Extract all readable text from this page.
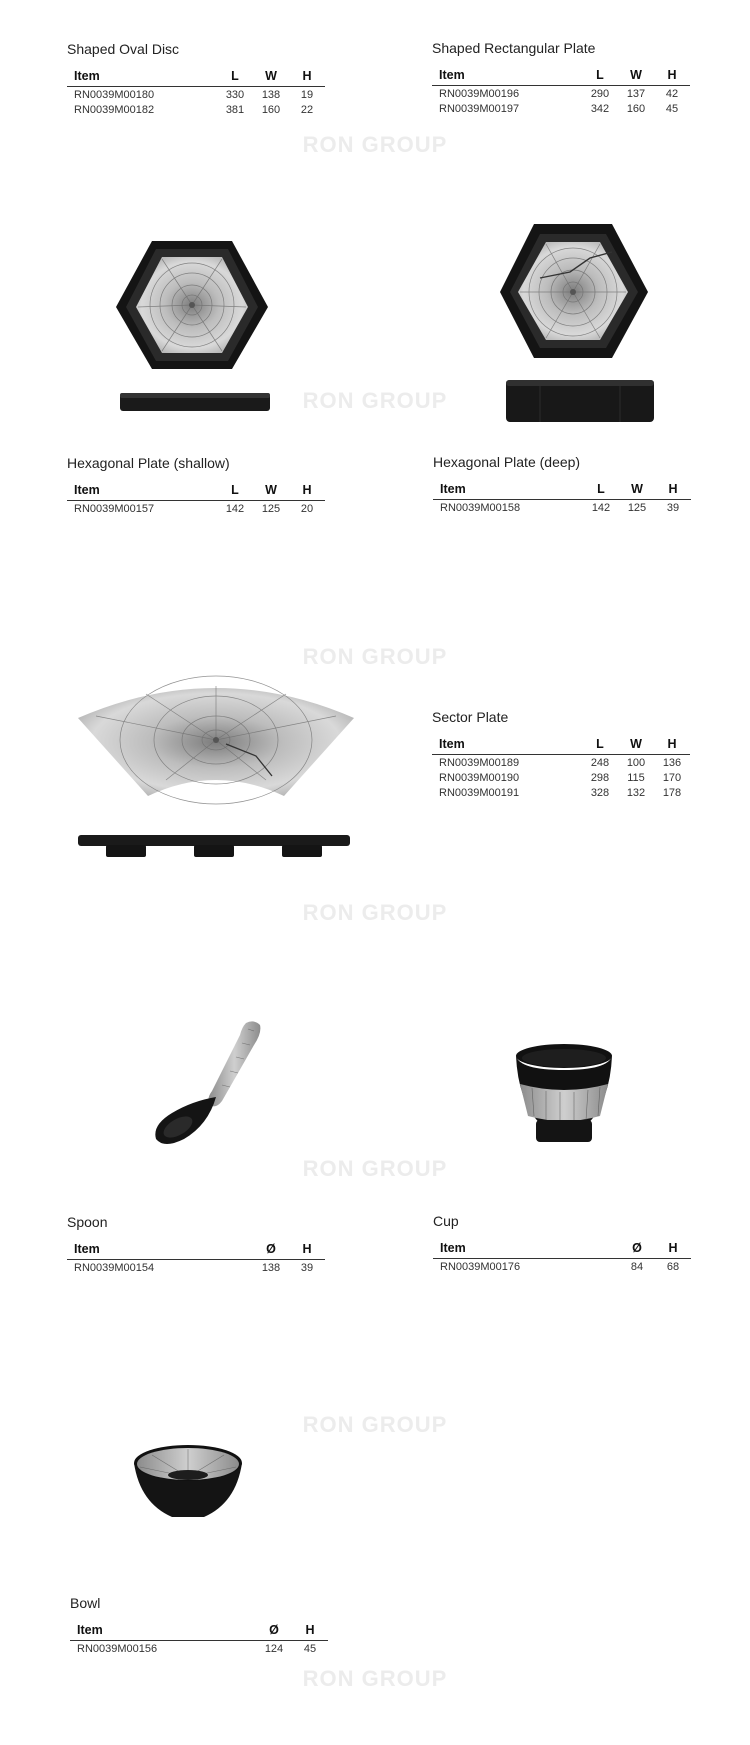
RON GROUP
RON GROUP
RON GROUP
RON GROUP
RON GROUP
RON GROUP
RON GROUP
Shaped Oval Disc
Item	L	W	H
RN0039M00180	330	138	19
RN0039M00182	381	160	22
Shaped Rectangular Plate
Item	L	W	H
RN0039M00196	290	137	42
RN0039M00197	342	160	45
Hexagonal Plate (shallow)
Item	L	W	H
RN0039M00157	142	125	20
Hexagonal Plate (deep)
Item	L	W	H
RN0039M00158	142	125	39
Sector Plate
Item	L	W	H
RN0039M00189	248	100	136
RN0039M00190	298	115	170
RN0039M00191	328	132	178
Spoon
Item	Ø	H
RN0039M00154	138	39
Cup
Item	Ø	H
RN0039M00176	84	68
Bowl
Item	Ø	H
RN0039M00156	124	45
